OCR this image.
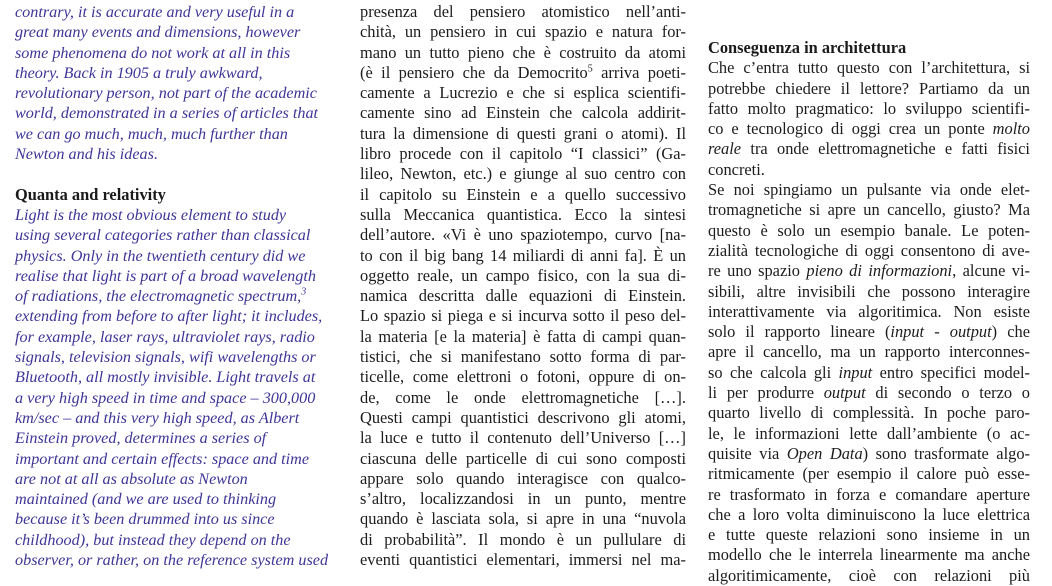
contrary, it is accurate and very useful in a
great many events and dimensions, however
some phenomena do not work at all in this
theory. Back in 1905 a truly awkward,
revolutionary person, not part of the academic
world, demonstrated in a series of articles that
we can go much, much, much further than
Newton and his ideas.
Quanta and relativity
Light is the most obvious element to study
using several categories rather than classical
physics. Only in the twentieth century did we
realise that light is part of a broad wavelength
of radiations, the electromagnetic spectrum,$^3$
extending from before to after light; it includes,
for example, laser rays, ultraviolet rays, radio
signals, television signals, wifi wavelengths or
Bluetooth, all mostly invisible. Light travels at
a very high speed in time and space – 300,000
km/sec – and this very high speed, as Albert
Einstein proved, determines a series of
important and certain effects: space and time
are not at all as absolute as Newton
maintained (and we are used to thinking
because it’s been drummed into us since
childhood), but instead they depend on the
observer, or rather, on the reference system used
presenza del pensiero atomistico nell’anti-
chità, un pensiero in cui spazio e natura for-
mano un tutto pieno che è costruito da atomi
(è il pensiero che da Democrito$^5$ arriva poeti-
camente a Lucrezio e che si esplica scientifi-
camente sino ad Einstein che calcola addirit-
tura la dimensione di questi grani o atomi). Il
libro procede con il capitolo “I classici” (Ga-
lileo, Newton, etc.) e giunge al suo centro con
il capitolo su Einstein e a quello successivo
sulla Meccanica quantistica. Ecco la sintesi
dell’autore. «Vi è uno spaziotempo, curvo [na-
to con il big bang 14 miliardi di anni fa]. È un
oggetto reale, un campo fisico, con la sua di-
namica descritta dalle equazioni di Einstein.
Lo spazio si piega e si incurva sotto il peso del-
la materia [e la materia] è fatta di campi quan-
tistici, che si manifestano sotto forma di par-
ticelle, come elettroni o fotoni, oppure di on-
de, come le onde elettromagnetiche […].
Questi campi quantistici descrivono gli atomi,
la luce e tutto il contenuto dell’Universo […]
ciascuna delle particelle di cui sono composti
appare solo quando interagisce con qualco-
s’altro, localizzandosi in un punto, mentre
quando è lasciata sola, si apre in una “nuvola
di probabilità”. Il mondo è un pullulare di
eventi quantistici elementari, immersi nel ma-
Conseguenza in architettura
Che c’entra tutto questo con l’architettura, si
potrebbe chiedere il lettore? Partiamo da un
fatto molto pragmatico: lo sviluppo scientifi-
co e tecnologico di oggi crea un ponte molto
reale tra onde elettromagnetiche e fatti fisici
concreti.
Se noi spingiamo un pulsante via onde elet-
tromagnetiche si apre un cancello, giusto? Ma
questo è solo un esempio banale. Le poten-
zialità tecnologiche di oggi consentono di ave-
re uno spazio pieno di informazioni, alcune vi-
sibili, altre invisibili che possono interagire
interattivamente via algoritimica. Non esiste
solo il rapporto lineare (input - output) che
apre il cancello, ma un rapporto interconnes-
so che calcola gli input entro specifici model-
li per produrre output di secondo o terzo o
quarto livello di complessità. In poche paro-
le, le informazioni lette dall’ambiente (o ac-
quisite via Open Data) sono trasformate algo-
ritmicamente (per esempio il calore può esse-
re trasformato in forza e comandare aperture
che a loro volta diminuiscono la luce elettrica
e tutte queste relazioni sono insieme in un
modello che le interrela linearmente ma anche
algoritimicamente, cioè con relazioni più
